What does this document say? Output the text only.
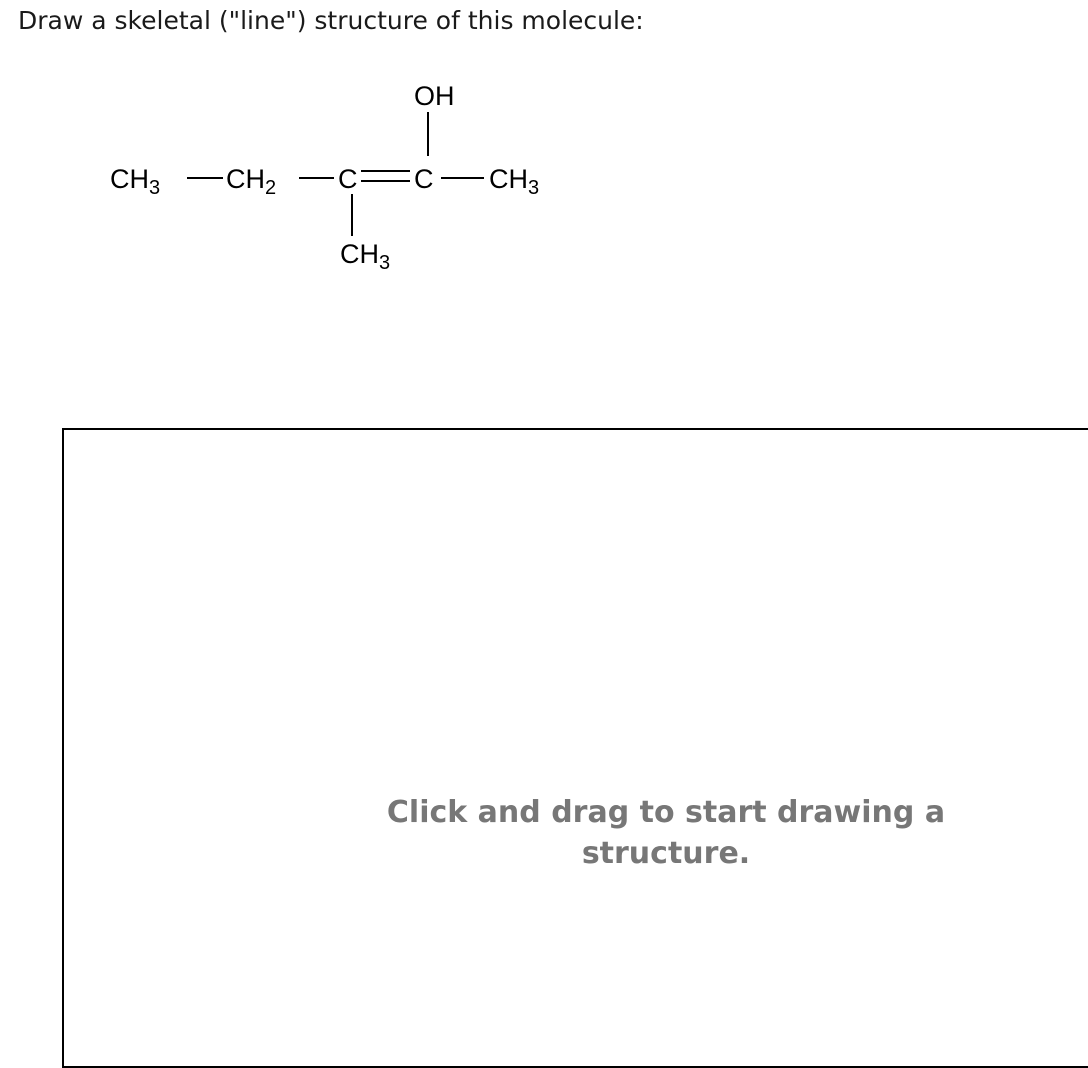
Draw a skeletal ("line") structure of this molecule:
OH
$CH_3$ $CH_2$ C C $CH_3$
$CH_3$
Click and drag to start drawing a
structure.
